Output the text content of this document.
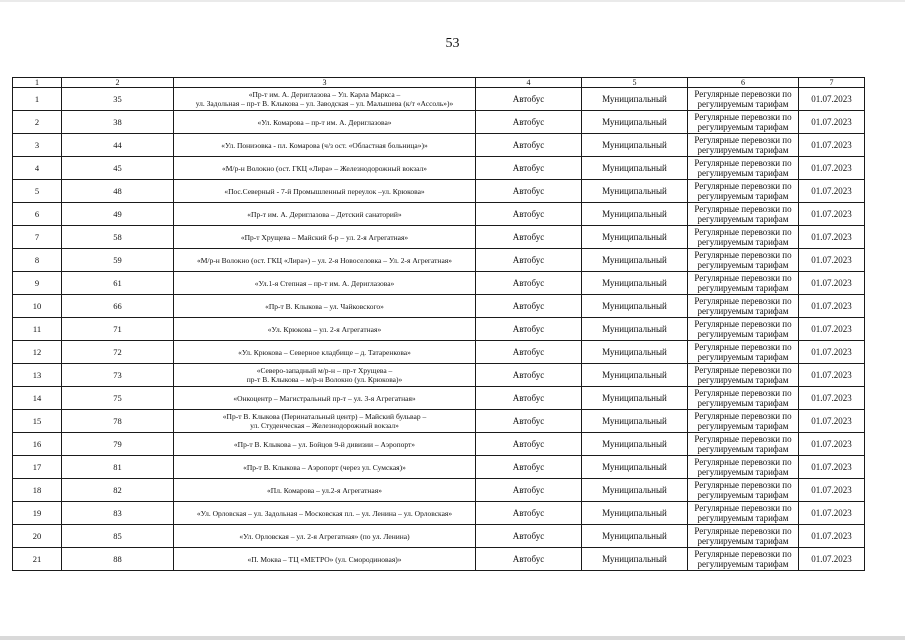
53
1	2	3	4	5	6	7
1	35	«Пр-т им. А. Дериглазова – Ул. Карла Маркса –
ул. Задольная – пр-т В. Клыкова – ул. Заводская – ул. Малышева (к/т «Ассоль»)»	Автобус	Муниципальный	Регулярные перевозки по регулируемым тарифам	01.07.2023
2	38	«Ул. Комарова – пр-т им. А. Дериглазова»	Автобус	Муниципальный	Регулярные перевозки по регулируемым тарифам	01.07.2023
3	44	«Ул. Пониэовка - пл. Комарова (ч/з ост. «Областная больница»)»	Автобус	Муниципальный	Регулярные перевозки по регулируемым тарифам	01.07.2023
4	45	«М/р-н Волокно (ост. ГКЦ «Лира» – Железнодорожный вокзал»	Автобус	Муниципальный	Регулярные перевозки по регулируемым тарифам	01.07.2023
5	48	«Пос.Северный - 7-й Промышленный переулок –ул. Крюкова»	Автобус	Муниципальный	Регулярные перевозки по регулируемым тарифам	01.07.2023
6	49	«Пр-т им. А. Дериглазова – Детский санаторий»	Автобус	Муниципальный	Регулярные перевозки по регулируемым тарифам	01.07.2023
7	58	«Пр-т Хрущева – Майский б-р – ул. 2-я Агрегатная»	Автобус	Муниципальный	Регулярные перевозки по регулируемым тарифам	01.07.2023
8	59	«М/р-н Волокно (ост. ГКЦ «Лира») – ул. 2-я Новоселовка – Ул. 2-я Агрегатная»	Автобус	Муниципальный	Регулярные перевозки по регулируемым тарифам	01.07.2023
9	61	«Ул.1-я Степная – пр-т им. А. Дериглазова»	Автобус	Муниципальный	Регулярные перевозки по регулируемым тарифам	01.07.2023
10	66	«Пр-т В. Клыкова – ул. Чайковского»	Автобус	Муниципальный	Регулярные перевозки по регулируемым тарифам	01.07.2023
11	71	«Ул. Крюкова – ул. 2-я Агрегатная»	Автобус	Муниципальный	Регулярные перевозки по регулируемым тарифам	01.07.2023
12	72	«Ул. Крюкова – Северное кладбище – д. Татаренкова»	Автобус	Муниципальный	Регулярные перевозки по регулируемым тарифам	01.07.2023
13	73	«Северо-западный м/р-н – пр-т Хрущева –
пр-т В. Клыкова – м/р-н Волокно (ул. Крюкова)»	Автобус	Муниципальный	Регулярные перевозки по регулируемым тарифам	01.07.2023
14	75	«Онкоцентр – Магистральный пр-т – ул. 3-я Агрегатная»	Автобус	Муниципальный	Регулярные перевозки по регулируемым тарифам	01.07.2023
15	78	«Пр-т В. Клыкова (Перинатальный центр) – Майский бульвар –
ул. Студенческая – Железнодорожный вокзал»	Автобус	Муниципальный	Регулярные перевозки по регулируемым тарифам	01.07.2023
16	79	«Пр-т В. Клыкова – ул. Бойцов 9-й дивизии – Аэропорт»	Автобус	Муниципальный	Регулярные перевозки по регулируемым тарифам	01.07.2023
17	81	«Пр-т В. Клыкова – Аэропорт (через ул. Сумская)»	Автобус	Муниципальный	Регулярные перевозки по регулируемым тарифам	01.07.2023
18	82	«Пл. Комарова – ул.2-я Агрегатная»	Автобус	Муниципальный	Регулярные перевозки по регулируемым тарифам	01.07.2023
19	83	«Ул. Орловская – ул. Задольная – Московская пл. – ул. Ленина – ул. Орловская»	Автобус	Муниципальный	Регулярные перевозки по регулируемым тарифам	01.07.2023
20	85	«Ул. Орловская – ул. 2-я Агрегатная» (по ул. Ленина)	Автобус	Муниципальный	Регулярные перевозки по регулируемым тарифам	01.07.2023
21	88	«П. Моква – ТЦ «МЕТРО» (ул. Смородиновая)»	Автобус	Муниципальный	Регулярные перевозки по регулируемым тарифам	01.07.2023
